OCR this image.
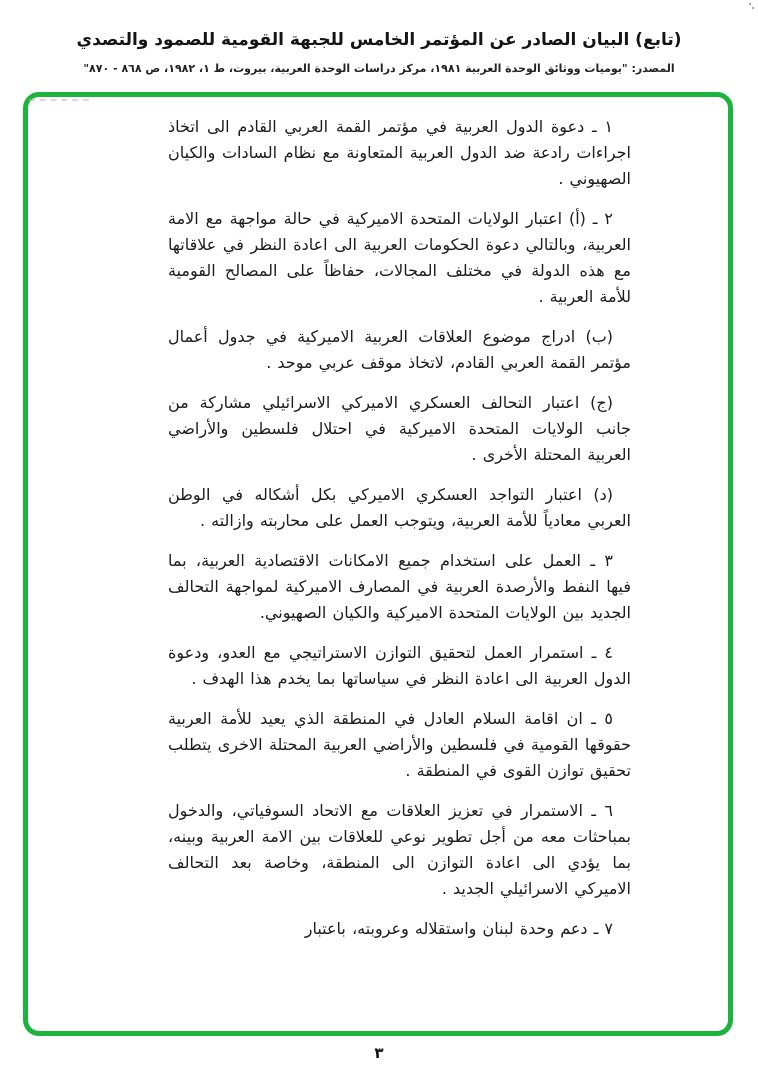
(تابع) البيان الصادر عن المؤتمر الخامس للجبهة القومية للصمود والتصدي
المصدر: "يوميات ووثائق الوحدة العربية ١٩٨١، مركز دراسات الوحدة العربية، بيروت، ط ١، ١٩٨٢، ص ٨٦٨ - ٨٧٠"

١ ـ دعوة الدول العربية في مؤتمر القمة العربي القادم الى اتخاذ اجراءات رادعة ضد الدول العربية المتعاونة مع نظام السادات والكيان الصهيوني .

٢ ـ (أ) اعتبار الولايات المتحدة الاميركية في حالة مواجهة مع الامة العربية، وبالتالي دعوة الحكومات العربية الى اعادة النظر في علاقاتها مع هذه الدولة في مختلف المجالات، حفاظاً على المصالح القومية للأمة العربية .

(ب) ادراج موضوع العلاقات العربية الاميركية في جدول أعمال مؤتمر القمة العربي القادم، لاتخاذ موقف عربي موحد .

(ج) اعتبار التحالف العسكري الاميركي الاسرائيلي مشاركة من جانب الولايات المتحدة الاميركية في احتلال فلسطين والأراضي العربية المحتلة الأخرى .

(د) اعتبار التواجد العسكري الاميركي بكل أشكاله في الوطن العربي معادياً للأمة العربية، ويتوجب العمل على محاربته وازالته .

٣ ـ العمل على استخدام جميع الامكانات الاقتصادية العربية، بما فيها النفط والأرصدة العربية في المصارف الاميركية لمواجهة التحالف الجديد بين الولايات المتحدة الاميركية والكيان الصهيوني.

٤ ـ استمرار العمل لتحقيق التوازن الاستراتيجي مع العدو، ودعوة الدول العربية الى اعادة النظر في سياساتها بما يخدم هذا الهدف .

٥ ـ ان اقامة السلام العادل في المنطقة الذي يعيد للأمة العربية حقوقها القومية في فلسطين والأراضي العربية المحتلة الاخرى يتطلب تحقيق توازن القوى في المنطقة .

٦ ـ الاستمرار في تعزيز العلاقات مع الاتحاد السوفياتي، والدخول بمباحثات معه من أجل تطوير نوعي للعلاقات بين الامة العربية وبينه، بما يؤدي الى اعادة التوازن الى المنطقة، وخاصة بعد التحالف الاميركي الاسرائيلي الجديد .

٧ ـ دعم وحدة لبنان واستقلاله وعروبته، باعتبار

٣
